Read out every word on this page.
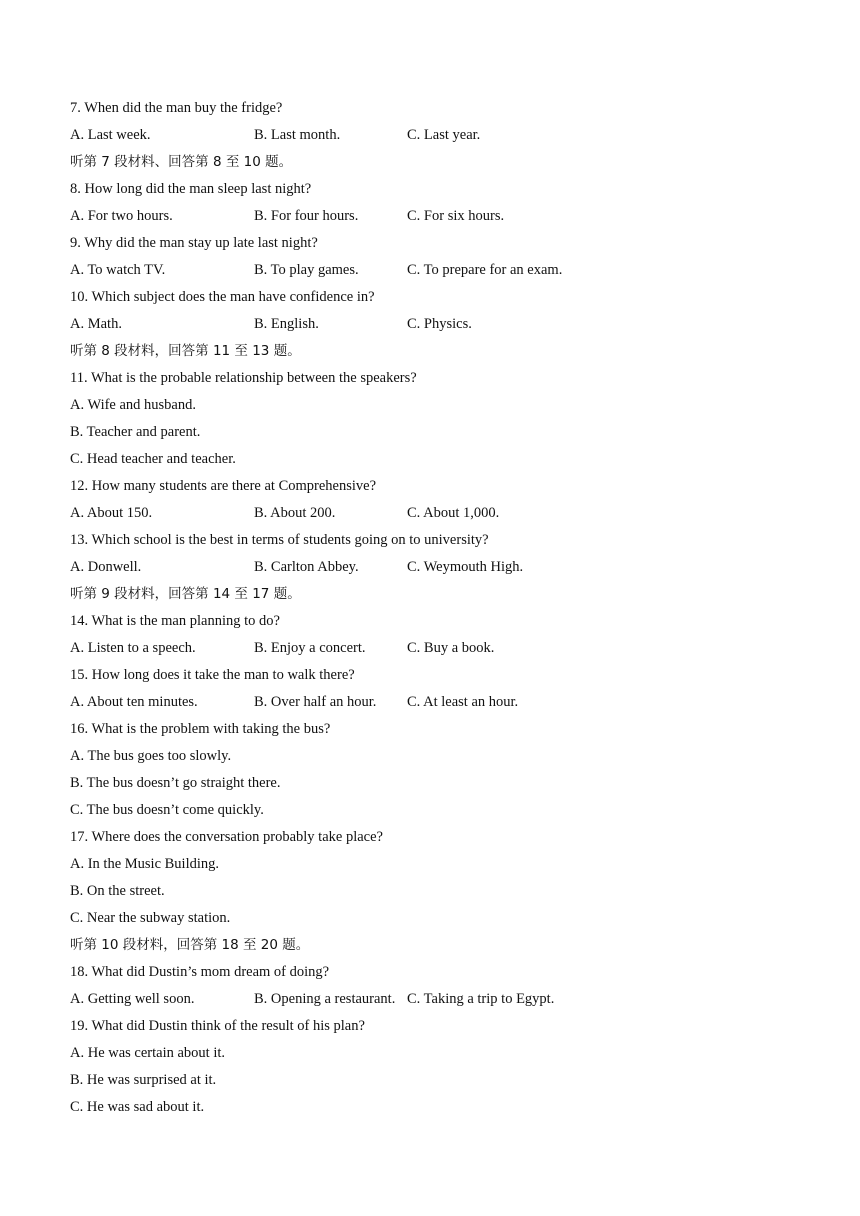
7. When did the man buy the fridge?
A. Last week.	B. Last month.	C. Last year.
听第 7 段材料、回答第 8 至 10 题。
8. How long did the man sleep last night?
A. For two hours.	B. For four hours.	C. For six hours.
9. Why did the man stay up late last night?
A. To watch TV.	B. To play games.	C. To prepare for an exam.
10. Which subject does the man have confidence in?
A. Math.	B. English.	C. Physics.
听第 8 段材料，回答第 11 至 13 题。
11. What is the probable relationship between the speakers?
A. Wife and husband.
B. Teacher and parent.
C. Head teacher and teacher.
12. How many students are there at Comprehensive?
A. About 150.	B. About 200.	C. About 1,000.
13. Which school is the best in terms of students going on to university?
A. Donwell.	B. Carlton Abbey.	C. Weymouth High.
听第 9 段材料，回答第 14 至 17 题。
14. What is the man planning to do?
A. Listen to a speech.	B. Enjoy a concert.	C. Buy a book.
15. How long does it take the man to walk there?
A. About ten minutes.	B. Over half an hour. C. At least an hour.
16. What is the problem with taking the bus?
A. The bus goes too slowly.
B. The bus doesn’t go straight there.
C. The bus doesn’t come quickly.
17. Where does the conversation probably take place?
A. In the Music Building.
B. On the street.
C. Near the subway station.
听第 10 段材料，回答第 18 至 20 题。
18. What did Dustin’s mom dream of doing?
A. Getting well soon.	B. Opening a restaurant. C. Taking a trip to Egypt.
19. What did Dustin think of the result of his plan?
A. He was certain about it.
B. He was surprised at it.
C. He was sad about it.
